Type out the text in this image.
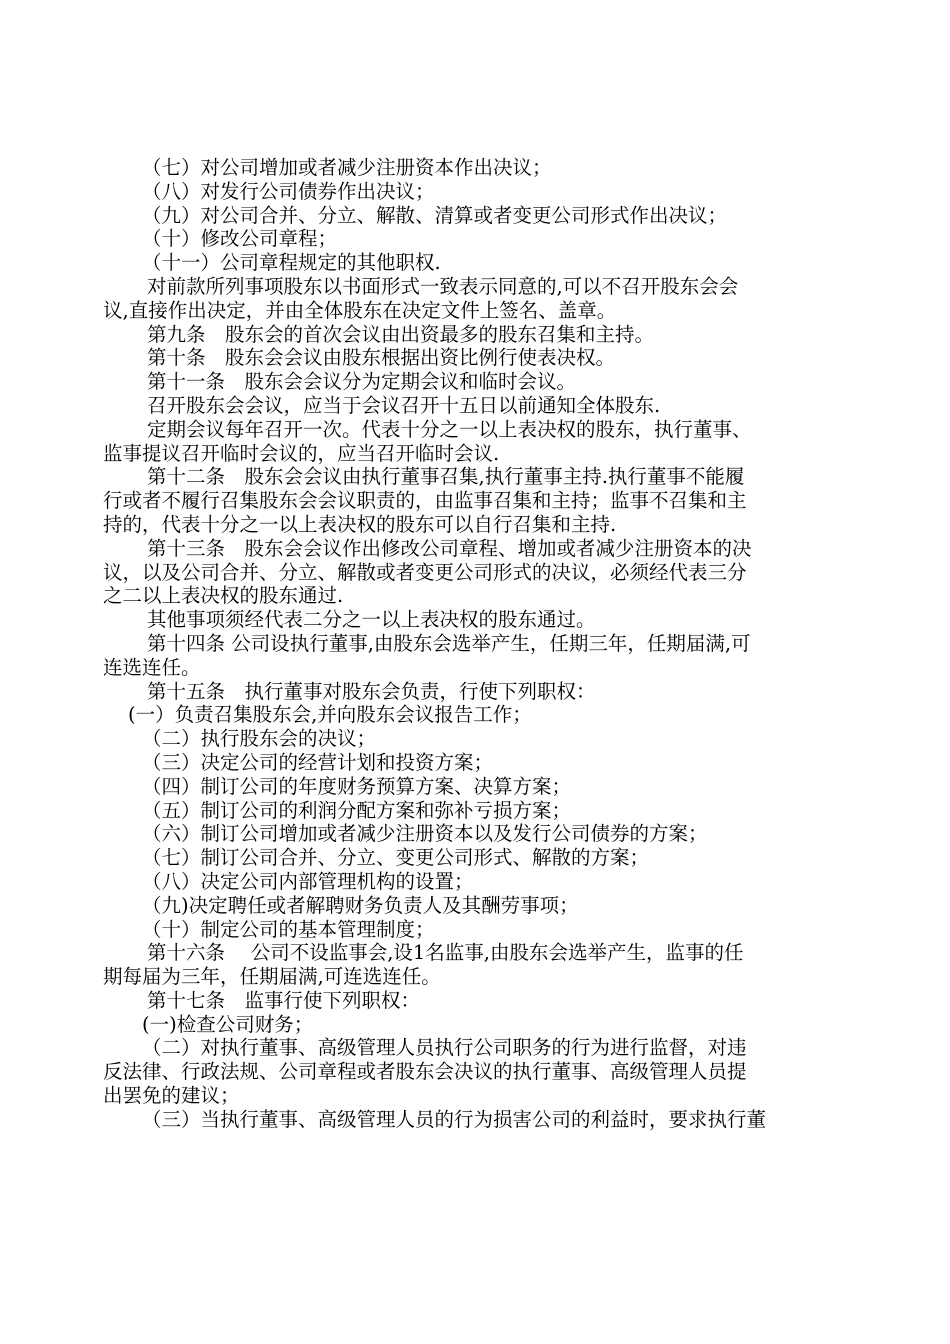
（七）对公司增加或者减少注册资本作出决议；
（八）对发行公司债券作出决议；
（九）对公司合并、分立、解散、清算或者变更公司形式作出决议；
（十）修改公司章程；
（十一）公司章程规定的其他职权.
对前款所列事项股东以书面形式一致表示同意的,可以不召开股东会会
议,直接作出决定，并由全体股东在决定文件上签名、盖章。
第九条　股东会的首次会议由出资最多的股东召集和主持。
第十条　股东会会议由股东根据出资比例行使表决权。
第十一条　股东会会议分为定期会议和临时会议。
召开股东会会议，应当于会议召开十五日以前通知全体股东.
定期会议每年召开一次。代表十分之一以上表决权的股东，执行董事、
监事提议召开临时会议的，应当召开临时会议.
第十二条　股东会会议由执行董事召集,执行董事主持.执行董事不能履
行或者不履行召集股东会会议职责的，由监事召集和主持；监事不召集和主
持的，代表十分之一以上表决权的股东可以自行召集和主持.
第十三条　股东会会议作出修改公司章程、增加或者减少注册资本的决
议，以及公司合并、分立、解散或者变更公司形式的决议，必须经代表三分
之二以上表决权的股东通过.
其他事项须经代表二分之一以上表决权的股东通过。
第十四条 公司设执行董事,由股东会选举产生，任期三年，任期届满,可
连选连任。
第十五条　执行董事对股东会负责，行使下列职权：
(一）负责召集股东会,并向股东会议报告工作；
（二）执行股东会的决议；
（三）决定公司的经营计划和投资方案；
（四）制订公司的年度财务预算方案、决算方案；
（五）制订公司的利润分配方案和弥补亏损方案；
（六）制订公司增加或者减少注册资本以及发行公司债券的方案；
（七）制订公司合并、分立、变更公司形式、解散的方案；
（八）决定公司内部管理机构的设置；
（九)决定聘任或者解聘财务负责人及其酬劳事项；
（十）制定公司的基本管理制度；
第十六条　 公司不设监事会,设1名监事,由股东会选举产生，监事的任
期每届为三年，任期届满,可连选连任。
第十七条　监事行使下列职权：
(一)检查公司财务；
（二）对执行董事、高级管理人员执行公司职务的行为进行监督，对违
反法律、行政法规、公司章程或者股东会决议的执行董事、高级管理人员提
出罢免的建议；
（三）当执行董事、高级管理人员的行为损害公司的利益时，要求执行董
